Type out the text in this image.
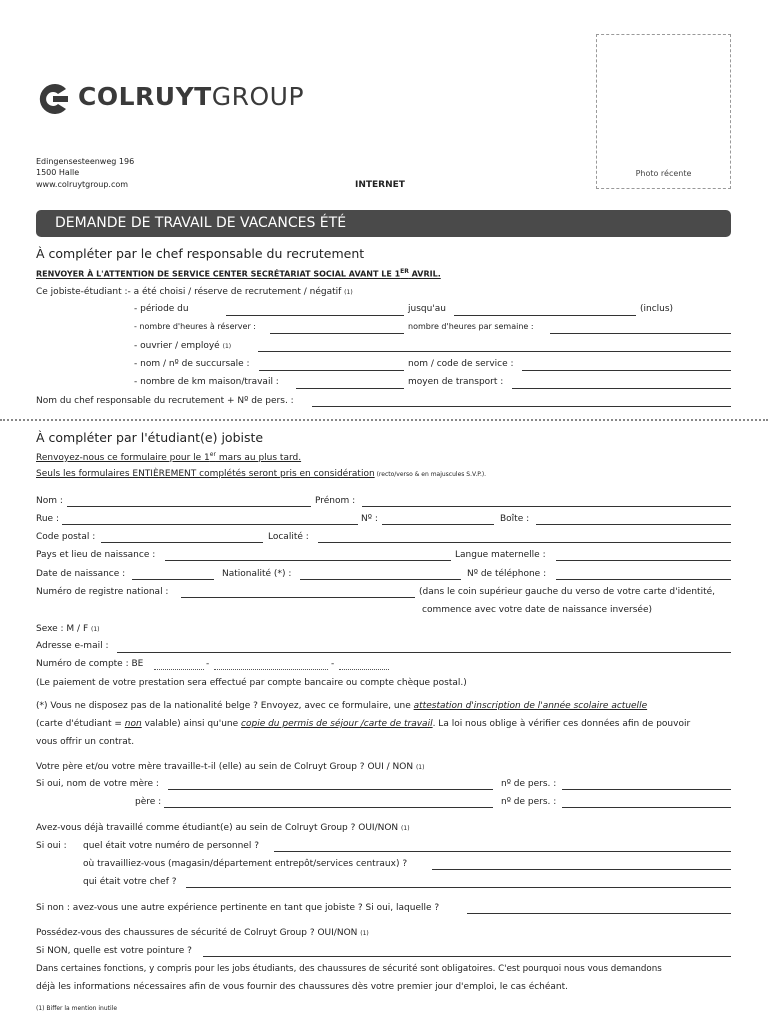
COLRUYTGROUP
Edingensesteenweg 196
1500 Halle
www.colruytgroup.com	INTERNET
Photo récente
DEMANDE DE TRAVAIL DE VACANCES ÉTÉ
À compléter par le chef responsable du recrutement
RENVOYER À L'ATTENTION DE SERVICE CENTER SECRÉTARIAT SOCIAL AVANT LE 1ER AVRIL.
Ce jobiste-étudiant :- a été choisi / réserve de recrutement / négatif (1)
- période du	jusqu'au	(inclus)
- nombre d'heures à réserver :	nombre d'heures par semaine :
- ouvrier / employé (1)
- nom / nº de succursale :	nom / code de service :
- nombre de km maison/travail :	moyen de transport :
Nom du chef responsable du recrutement + Nº de pers. :
À compléter par l'étudiant(e) jobiste
Renvoyez-nous ce formulaire pour le 1er mars au plus tard.
Seuls les formulaires ENTIÈREMENT complétés seront pris en considération (recto/verso & en majuscules S.V.P.).
Nom :	Prénom :
Rue :	Nº :	Boîte :
Code postal :	Localité :
Pays et lieu de naissance :	Langue maternelle :
Date de naissance :	Nationalité (*) :	Nº de téléphone :
Numéro de registre national :	(dans le coin supérieur gauche du verso de votre carte d'identité,
commence avec votre date de naissance inversée)
Sexe : M / F (1)
Adresse e-mail :
Numéro de compte : BE	-	-
(Le paiement de votre prestation sera effectué par compte bancaire ou compte chèque postal.)
(*) Vous ne disposez pas de la nationalité belge ? Envoyez, avec ce formulaire, une attestation d'inscription de l'année scolaire actuelle
(carte d'étudiant = non valable) ainsi qu'une copie du permis de séjour /carte de travail. La loi nous oblige à vérifier ces données afin de pouvoir
vous offrir un contrat.
Votre père et/ou votre mère travaille-t-il (elle) au sein de Colruyt Group ? OUI / NON (1)
Si oui, nom de votre mère :	nº de pers. :
père :	nº de pers. :
Avez-vous déjà travaillé comme étudiant(e) au sein de Colruyt Group ? OUI/NON (1)
Si oui : quel était votre numéro de personnel ?
où travailliez-vous (magasin/département entrepôt/services centraux) ?
qui était votre chef ?
Si non : avez-vous une autre expérience pertinente en tant que jobiste ? Si oui, laquelle ?
Possédez-vous des chaussures de sécurité de Colruyt Group ? OUI/NON (1)
Si NON, quelle est votre pointure ?
Dans certaines fonctions, y compris pour les jobs étudiants, des chaussures de sécurité sont obligatoires. C'est pourquoi nous vous demandons
déjà les informations nécessaires afin de vous fournir des chaussures dès votre premier jour d'emploi, le cas échéant.
(1) Biffer la mention inutile
